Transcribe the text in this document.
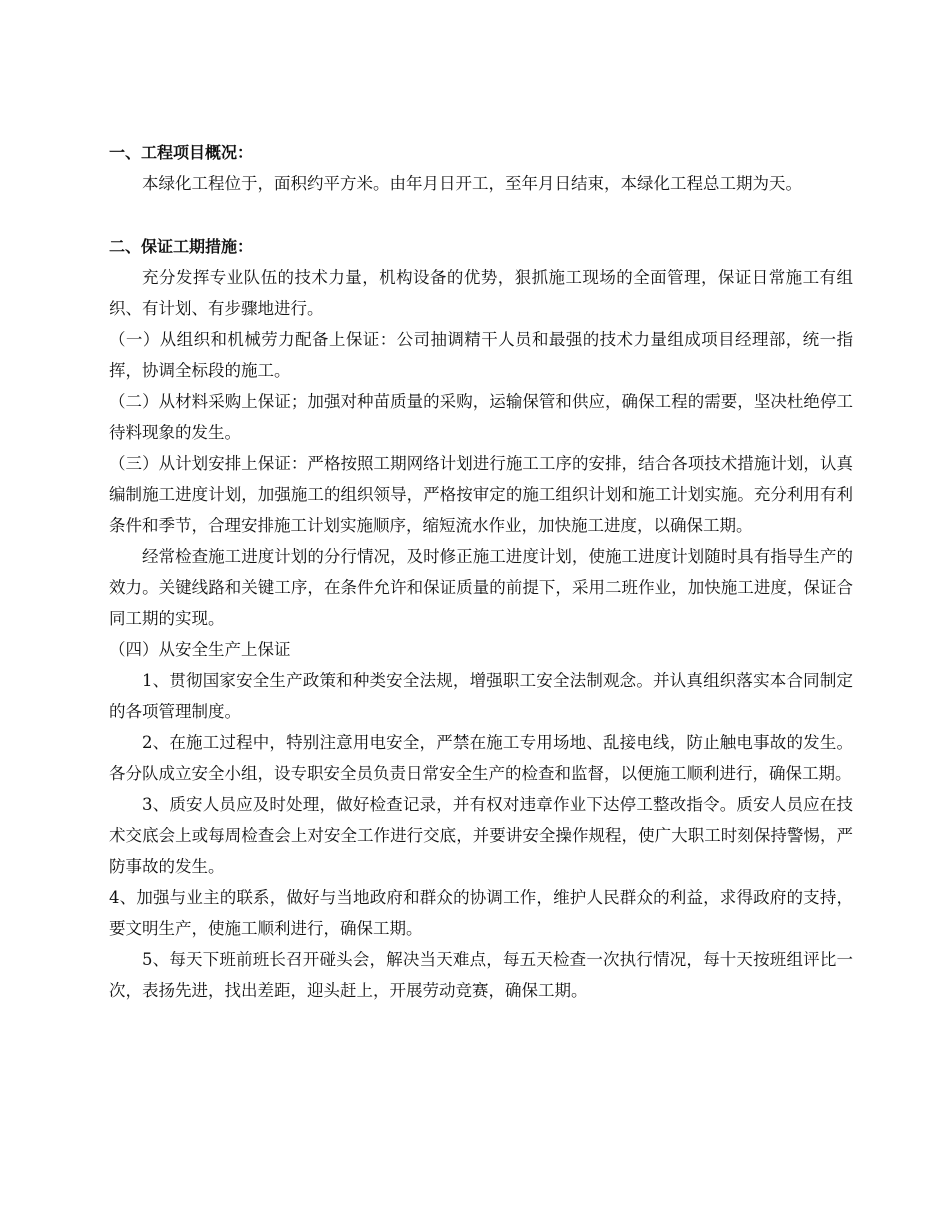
一、工程项目概况：

本绿化工程位于，面积约平方米。由年月日开工，至年月日结束，本绿化工程总工期为天。

二、保证工期措施：

充分发挥专业队伍的技术力量，机构设备的优势，狠抓施工现场的全面管理，保证日常施工有组织、有计划、有步骤地进行。

（一）从组织和机械劳力配备上保证：公司抽调精干人员和最强的技术力量组成项目经理部，统一指挥，协调全标段的施工。

（二）从材料采购上保证；加强对种苗质量的采购，运输保管和供应，确保工程的需要，坚决杜绝停工待料现象的发生。

（三）从计划安排上保证：严格按照工期网络计划进行施工工序的安排，结合各项技术措施计划，认真编制施工进度计划，加强施工的组织领导，严格按审定的施工组织计划和施工计划实施。充分利用有利条件和季节，合理安排施工计划实施顺序，缩短流水作业，加快施工进度，以确保工期。

经常检查施工进度计划的分行情况，及时修正施工进度计划，使施工进度计划随时具有指导生产的效力。关键线路和关键工序，在条件允许和保证质量的前提下，采用二班作业，加快施工进度，保证合同工期的实现。

（四）从安全生产上保证

1、贯彻国家安全生产政策和种类安全法规，增强职工安全法制观念。并认真组织落实本合同制定的各项管理制度。

2、在施工过程中，特别注意用电安全，严禁在施工专用场地、乱接电线，防止触电事故的发生。各分队成立安全小组，设专职安全员负责日常安全生产的检查和监督，以便施工顺利进行，确保工期。

3、质安人员应及时处理，做好检查记录，并有权对违章作业下达停工整改指令。质安人员应在技术交底会上或每周检查会上对安全工作进行交底，并要讲安全操作规程，使广大职工时刻保持警惕，严防事故的发生。

4、加强与业主的联系，做好与当地政府和群众的协调工作，维护人民群众的利益，求得政府的支持，要文明生产，使施工顺利进行，确保工期。

5、每天下班前班长召开碰头会，解决当天难点，每五天检查一次执行情况，每十天按班组评比一次，表扬先进，找出差距，迎头赶上，开展劳动竞赛，确保工期。
